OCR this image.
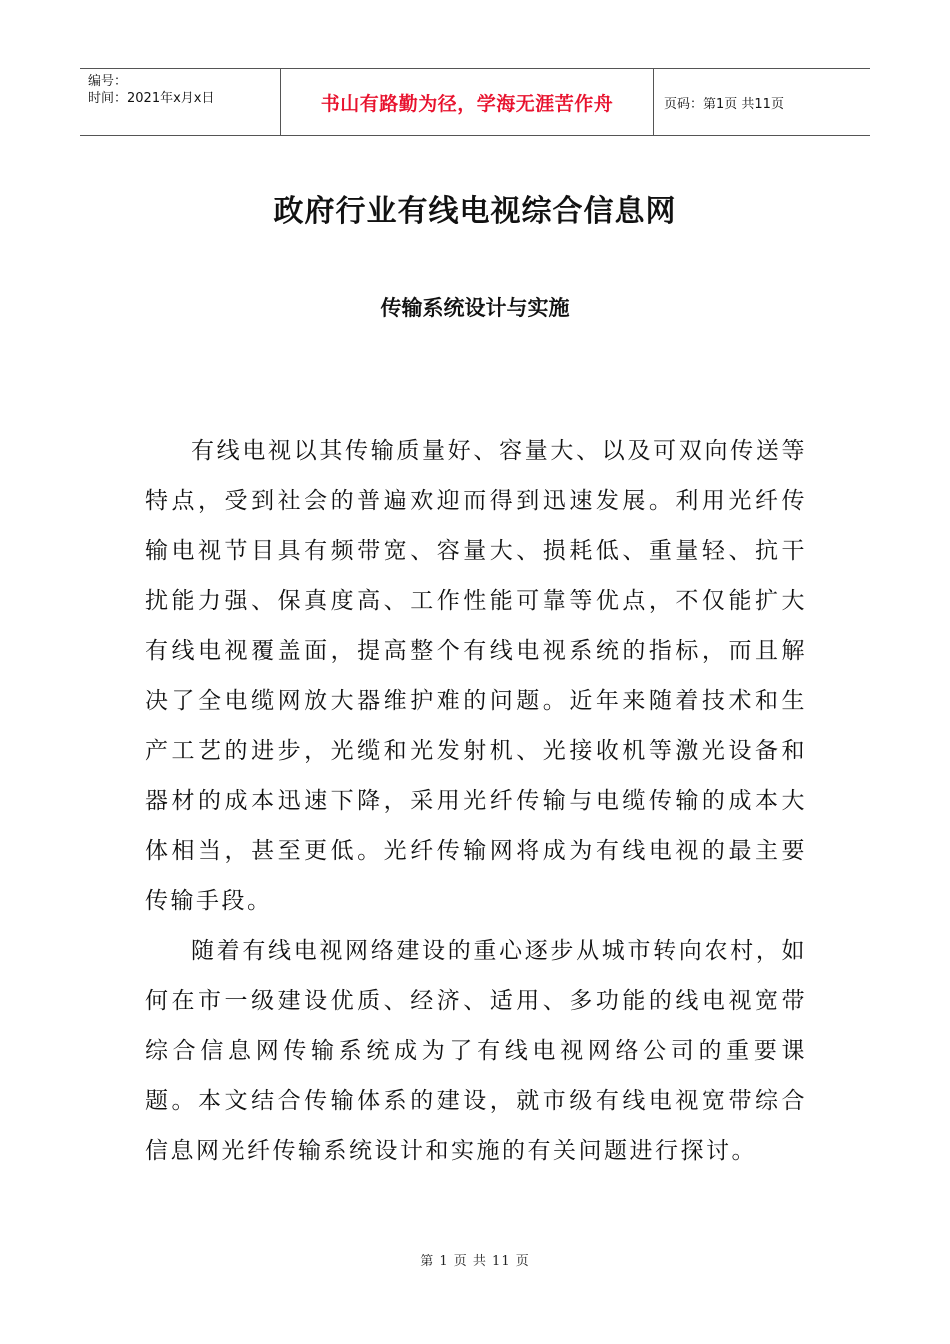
编号：
时间：2021年x月x日	书山有路勤为径，学海无涯苦作舟	页码：第1页 共11页
政府行业有线电视综合信息网
传输系统设计与实施

有线电视以其传输质量好、容量大、以及可双向传送等特点，受到社会的普遍欢迎而得到迅速发展。利用光纤传输电视节目具有频带宽、容量大、损耗低、重量轻、抗干扰能力强、保真度高、工作性能可靠等优点，不仅能扩大有线电视覆盖面，提高整个有线电视系统的指标，而且解决了全电缆网放大器维护难的问题。近年来随着技术和生产工艺的进步，光缆和光发射机、光接收机等激光设备和器材的成本迅速下降，采用光纤传输与电缆传输的成本大体相当，甚至更低。光纤传输网将成为有线电视的最主要传输手段。

随着有线电视网络建设的重心逐步从城市转向农村，如何在市一级建设优质、经济、适用、多功能的线电视宽带综合信息网传输系统成为了有线电视网络公司的重要课题。本文结合传输体系的建设，就市级有线电视宽带综合信息网光纤传输系统设计和实施的有关问题进行探讨。

第 1 页 共 11 页
